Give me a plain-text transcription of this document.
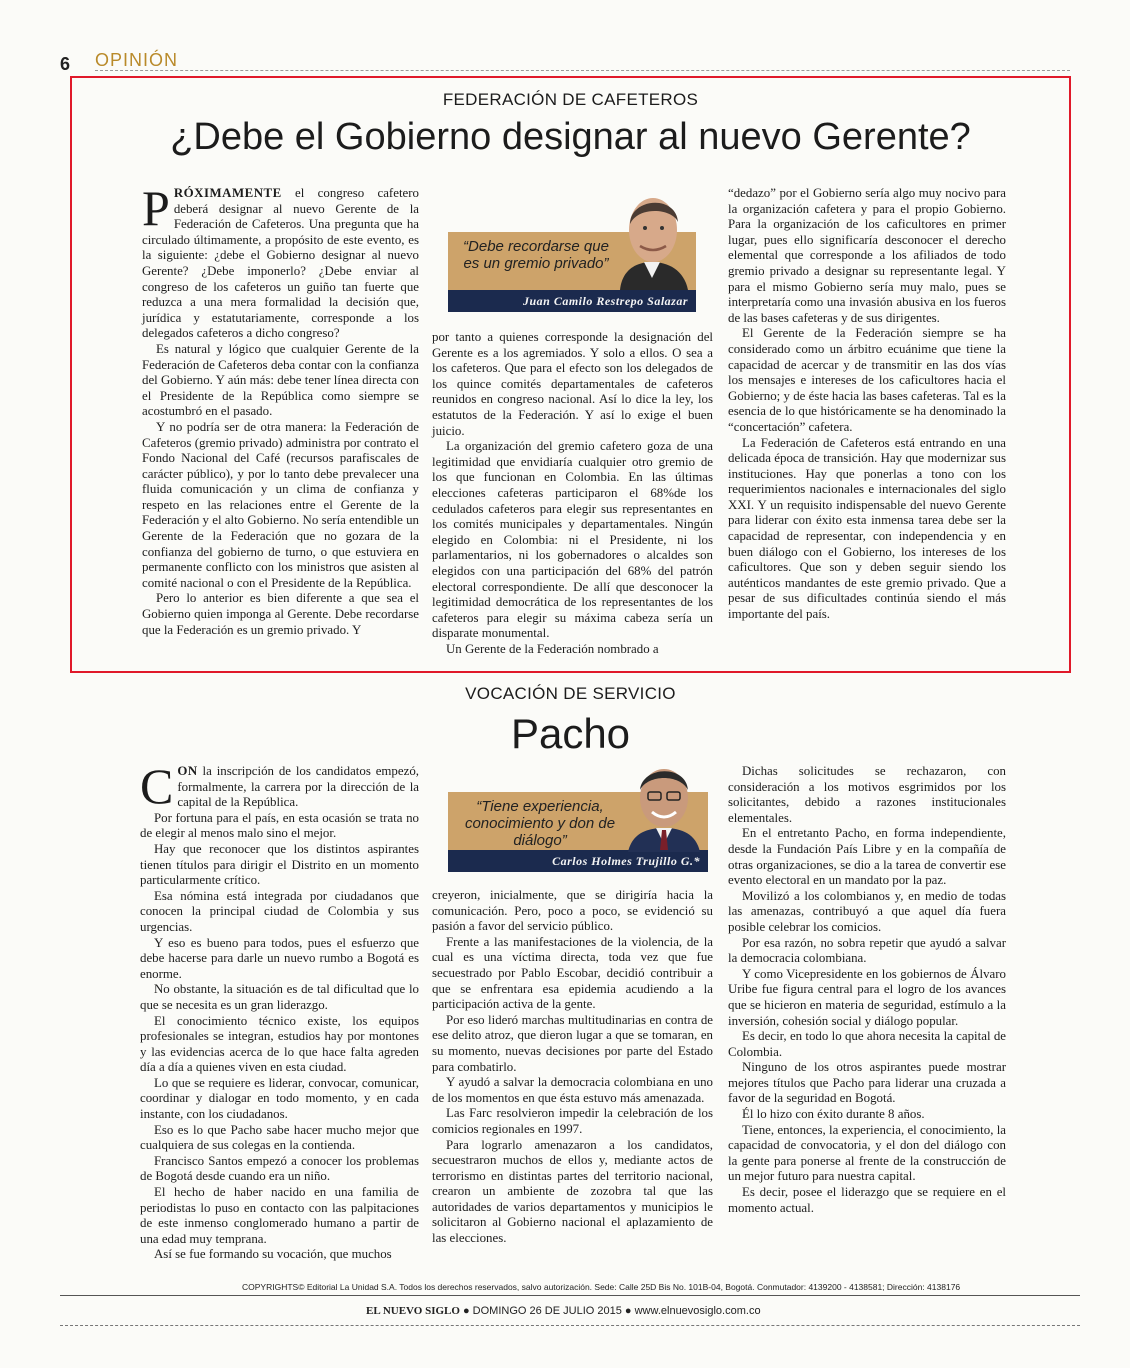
6 OPINIÓN
FEDERACIÓN DE CAFETEROS
¿Debe el Gobierno designar al nuevo Gerente?

PRÓXIMAMENTE el congreso cafetero deberá designar al nuevo Gerente de la Federación de Cafeteros. Una pregunta que ha circulado últimamente, a propósito de este evento, es la siguiente: ¿debe el Gobierno designar al nuevo Gerente? ¿Debe imponerlo? ¿Debe enviar al congreso de los cafeteros un guiño tan fuerte que reduzca a una mera formalidad la decisión que, jurídica y estatutariamente, corresponde a los delegados cafeteros a dicho congreso?

Es natural y lógico que cualquier Gerente de la Federación de Cafeteros deba contar con la confianza del Gobierno. Y aún más: debe tener línea directa con el Presidente de la República como siempre se acostumbró en el pasado.

Y no podría ser de otra manera: la Federación de Cafeteros (gremio privado) administra por contrato el Fondo Nacional del Café (recursos parafiscales de carácter público), y por lo tanto debe prevalecer una fluida comunicación y un clima de confianza y respeto en las relaciones entre el Gerente de la Federación y el alto Gobierno. No sería entendible un Gerente de la Federación que no gozara de la confianza del gobierno de turno, o que estuviera en permanente conflicto con los ministros que asisten al comité nacional o con el Presidente de la República.

Pero lo anterior es bien diferente a que sea el Gobierno quien imponga al Gerente. Debe recordarse que la Federación es un gremio privado. Y

“Debe recordarse que es un gremio privado”
Juan Camilo Restrepo Salazar

por tanto a quienes corresponde la designación del Gerente es a los agremiados. Y solo a ellos. O sea a los cafeteros. Que para el efecto son los delegados de los quince comités departamentales de cafeteros reunidos en congreso nacional. Así lo dice la ley, los estatutos de la Federación. Y así lo exige el buen juicio.

La organización del gremio cafetero goza de una legitimidad que envidiaría cualquier otro gremio de los que funcionan en Colombia. En las últimas elecciones cafeteras participaron el 68%de los cedulados cafeteros para elegir sus representantes en los comités municipales y departamentales. Ningún elegido en Colombia: ni el Presidente, ni los parlamentarios, ni los gobernadores o alcaldes son elegidos con una participación del 68% del patrón electoral correspondiente. De allí que desconocer la legitimidad democrática de los representantes de los cafeteros para elegir su máxima cabeza sería un disparate monumental.

Un Gerente de la Federación nombrado a

“dedazo” por el Gobierno sería algo muy nocivo para la organización cafetera y para el propio Gobierno. Para la organización de los caficultores en primer lugar, pues ello significaría desconocer el derecho elemental que corresponde a los afiliados de todo gremio privado a designar su representante legal. Y para el mismo Gobierno sería muy malo, pues se interpretaría como una invasión abusiva en los fueros de las bases cafeteras y de sus dirigentes.

El Gerente de la Federación siempre se ha considerado como un árbitro ecuánime que tiene la capacidad de acercar y de transmitir en las dos vías los mensajes e intereses de los caficultores hacia el Gobierno; y de éste hacia las bases cafeteras. Tal es la esencia de lo que históricamente se ha denominado la “concertación” cafetera.

La Federación de Cafeteros está entrando en una delicada época de transición. Hay que modernizar sus instituciones. Hay que ponerlas a tono con los requerimientos nacionales e internacionales del siglo XXI. Y un requisito indispensable del nuevo Gerente para liderar con éxito esta inmensa tarea debe ser la capacidad de representar, con independencia y en buen diálogo con el Gobierno, los intereses de los caficultores. Que son y deben seguir siendo los auténticos mandantes de este gremio privado. Que a pesar de sus dificultades continúa siendo el más importante del país.

VOCACIÓN DE SERVICIO
Pacho

CON la inscripción de los candidatos empezó, formalmente, la carrera por la dirección de la capital de la República.

Por fortuna para el país, en esta ocasión se trata no de elegir al menos malo sino el mejor.

Hay que reconocer que los distintos aspirantes tienen títulos para dirigir el Distrito en un momento particularmente crítico.

Esa nómina está integrada por ciudadanos que conocen la principal ciudad de Colombia y sus urgencias.

Y eso es bueno para todos, pues el esfuerzo que debe hacerse para darle un nuevo rumbo a Bogotá es enorme.

No obstante, la situación es de tal dificultad que lo que se necesita es un gran liderazgo.

El conocimiento técnico existe, los equipos profesionales se integran, estudios hay por montones y las evidencias acerca de lo que hace falta agreden día a día a quienes viven en esta ciudad.

Lo que se requiere es liderar, convocar, comunicar, coordinar y dialogar en todo momento, y en cada instante, con los ciudadanos.

Eso es lo que Pacho sabe hacer mucho mejor que cualquiera de sus colegas en la contienda.

Francisco Santos empezó a conocer los problemas de Bogotá desde cuando era un niño.

El hecho de haber nacido en una familia de periodistas lo puso en contacto con las palpitaciones de este inmenso conglomerado humano a partir de una edad muy temprana.

Así se fue formando su vocación, que muchos

“Tiene experiencia, conocimiento y don de diálogo”
Carlos Holmes Trujillo G.*

creyeron, inicialmente, que se dirigiría hacia la comunicación. Pero, poco a poco, se evidenció su pasión a favor del servicio público.

Frente a las manifestaciones de la violencia, de la cual es una víctima directa, toda vez que fue secuestrado por Pablo Escobar, decidió contribuir a que se enfrentara esa epidemia acudiendo a la participación activa de la gente.

Por eso lideró marchas multitudinarias en contra de ese delito atroz, que dieron lugar a que se tomaran, en su momento, nuevas decisiones por parte del Estado para combatirlo.

Y ayudó a salvar la democracia colombiana en uno de los momentos en que ésta estuvo más amenazada.

Las Farc resolvieron impedir la celebración de los comicios regionales en 1997.

Para lograrlo amenazaron a los candidatos, secuestraron muchos de ellos y, mediante actos de terrorismo en distintas partes del territorio nacional, crearon un ambiente de zozobra tal que las autoridades de varios departamentos y municipios le solicitaron al Gobierno nacional el aplazamiento de las elecciones.

Dichas solicitudes se rechazaron, con consideración a los motivos esgrimidos por los solicitantes, debido a razones institucionales elementales.

En el entretanto Pacho, en forma independiente, desde la Fundación País Libre y en la compañía de otras organizaciones, se dio a la tarea de convertir ese evento electoral en un mandato por la paz.

Movilizó a los colombianos y, en medio de todas las amenazas, contribuyó a que aquel día fuera posible celebrar los comicios.

Por esa razón, no sobra repetir que ayudó a salvar la democracia colombiana.

Y como Vicepresidente en los gobiernos de Álvaro Uribe fue figura central para el logro de los avances que se hicieron en materia de seguridad, estímulo a la inversión, cohesión social y diálogo popular.

Es decir, en todo lo que ahora necesita la capital de Colombia.

Ninguno de los otros aspirantes puede mostrar mejores títulos que Pacho para liderar una cruzada a favor de la seguridad en Bogotá.

Él lo hizo con éxito durante 8 años.

Tiene, entonces, la experiencia, el conocimiento, la capacidad de convocatoria, y el don del diálogo con la gente para ponerse al frente de la construcción de un mejor futuro para nuestra capital.

Es decir, posee el liderazgo que se requiere en el momento actual.

COPYRIGHTS© Editorial La Unidad S.A. Todos los derechos reservados, salvo autorización. Sede: Calle 25D Bis No. 101B-04, Bogotá. Conmutador: 4139200 - 4138581; Dirección: 4138176
EL NUEVO SIGLO ● DOMINGO 26 DE JULIO 2015 ● www.elnuevosiglo.com.co
